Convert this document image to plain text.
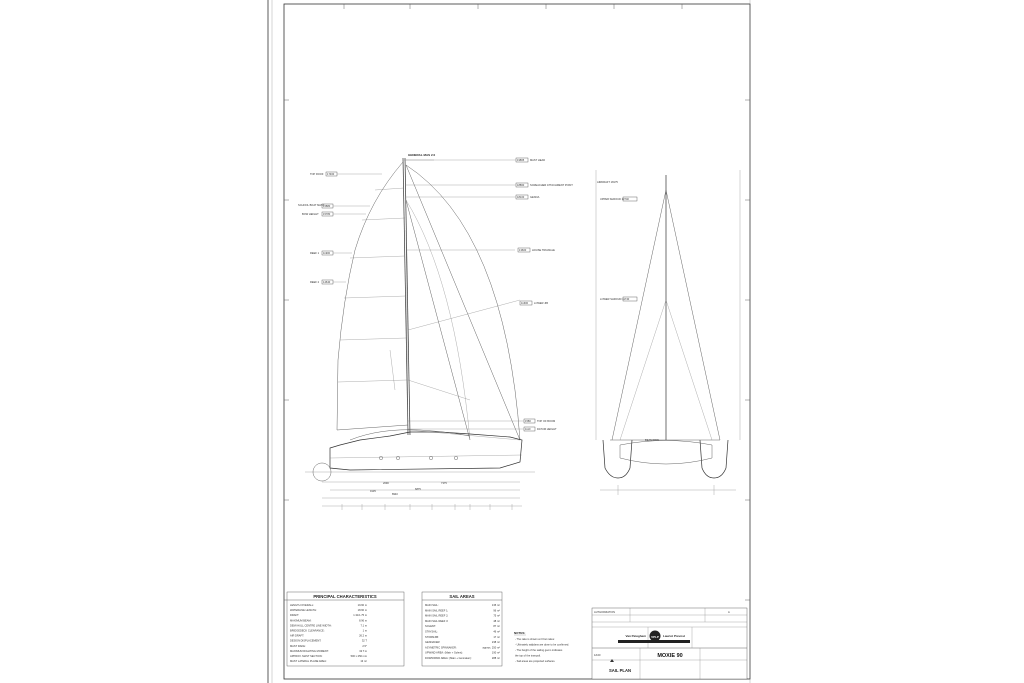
GENERAL MAS 2.0
2090	7375
6875
9135
8940
17460
TOP ROOF
15880
SCHOOL BOAT MAST
15780
BOW HEIGHT
11900
REEF 1
14640
REEF 2
19865 MAST HEAD
18860 SCREACHER ATTACHMENT POINT
18100 GENOA
13600 HOUSE TRIANGLE
11600 LOWER JIB
1580 TOP OF BOOM
1110	DATUM HEIGHT
AIRDRAFT 18175
UPPER SHROUD 13740
LOWER SHROUD 11740
BEAM 8770
PRINCIPAL CHARACTERISTICS
LENGTH OVERALL:	19.60 m
WATERLINE LENGTH:	18.60 m
DRAFT:	1.31/1.75 m
MAXIMUM BEAM:	8.96 m
DEMI HULL CENTRE LINE WIDTH:	7.1 m
BRIDGEDECK CLEARANCE:	1 m
AIR DRAFT:	26.2 m
DESIGN DISPLACEMENT:	32 T
MAST RAKE:	2.5°
MAXIMUM RIGHTING MOMENT:	32 T.m
APPROX. MAST SECTION:	500 x 250 mm
MAST LATERAL PLANE AREA:	13 m²
SAIL AREAS
MAIN SAIL:	135 m²
MAIN SAIL REEF 1:	96 m²
MAIN SAIL REEF 2:	75 m²
MAIN SAIL REEF 3:	48 m²
SOLENT:	87 m²
STAYSAIL:	46 m²
STORMJIB:	17 m²
GENNAKER:	238 m²
ASYMETRIC SPINNAKER:	approx. 250 m²
UPWIND AREA: (Main + Solent):	190 m²
DOWNWIND AREA: (Main + Gennaker):	288 m²
NOTES:
- The rake is shown at 0 but rakes:
- Ultimately sailplans are done to be confirmed.
- The height of the sailing geom indicates
the top of the trampoli.
- Sail areas are projected surfaces.
AUTHORIZATION	A
Van Peteghem VPLP Lauriot Prévost
MOXIE 90
SAIL PLAN
1/100
